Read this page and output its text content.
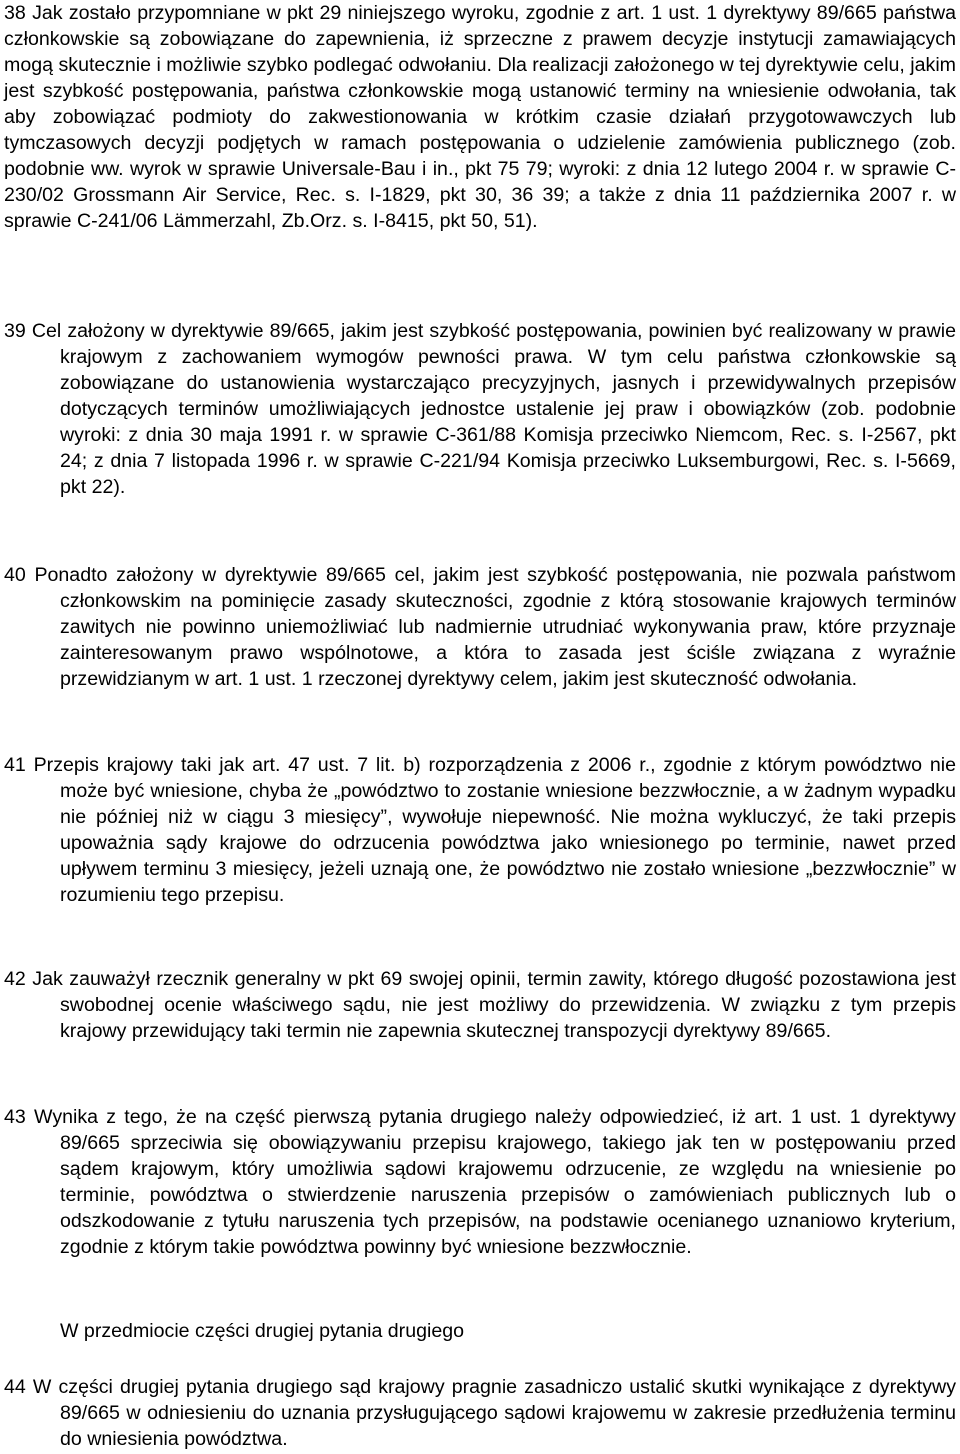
38 Jak zostało przypomniane w pkt 29 niniejszego wyroku, zgodnie z art. 1 ust. 1 dyrektywy 89/665 państwa członkowskie są zobowiązane do zapewnienia, iż sprzeczne z prawem decyzje instytucji zamawiających mogą skutecznie i możliwie szybko podlegać odwołaniu. Dla realizacji założonego w tej dyrektywie celu, jakim jest szybkość postępowania, państwa członkowskie mogą ustanowić terminy na wniesienie odwołania, tak aby zobowiązać podmioty do zakwestionowania w krótkim czasie działań przygotowawczych lub tymczasowych decyzji podjętych w ramach postępowania o udzielenie zamówienia publicznego (zob. podobnie ww. wyrok w sprawie Universale-Bau i in., pkt 75 79; wyroki: z dnia 12 lutego 2004 r. w sprawie C-230/02 Grossmann Air Service, Rec. s. I-1829, pkt 30, 36 39; a także z dnia 11 października 2007 r. w sprawie C-241/06 Lämmerzahl, Zb.Orz. s. I-8415, pkt 50, 51).

39 Cel założony w dyrektywie 89/665, jakim jest szybkość postępowania, powinien być realizowany w prawie krajowym z zachowaniem wymogów pewności prawa. W tym celu państwa członkowskie są zobowiązane do ustanowienia wystarczająco precyzyjnych, jasnych i przewidywalnych przepisów dotyczących terminów umożliwiających jednostce ustalenie jej praw i obowiązków (zob. podobnie wyroki: z dnia 30 maja 1991 r. w sprawie C-361/88 Komisja przeciwko Niemcom, Rec. s. I-2567, pkt 24; z dnia 7 listopada 1996 r. w sprawie C-221/94 Komisja przeciwko Luksemburgowi, Rec. s. I-5669, pkt 22).

40 Ponadto założony w dyrektywie 89/665 cel, jakim jest szybkość postępowania, nie pozwala państwom członkowskim na pominięcie zasady skuteczności, zgodnie z którą stosowanie krajowych terminów zawitych nie powinno uniemożliwiać lub nadmiernie utrudniać wykonywania praw, które przyznaje zainteresowanym prawo wspólnotowe, a która to zasada jest ściśle związana z wyraźnie przewidzianym w art. 1 ust. 1 rzeczonej dyrektywy celem, jakim jest skuteczność odwołania.

41 Przepis krajowy taki jak art. 47 ust. 7 lit. b) rozporządzenia z 2006 r., zgodnie z którym powództwo nie może być wniesione, chyba że „powództwo to zostanie wniesione bezzwłocznie, a w żadnym wypadku nie później niż w ciągu 3 miesięcy”, wywołuje niepewność. Nie można wykluczyć, że taki przepis upoważnia sądy krajowe do odrzucenia powództwa jako wniesionego po terminie, nawet przed upływem terminu 3 miesięcy, jeżeli uznają one, że powództwo nie zostało wniesione „bezzwłocznie” w rozumieniu tego przepisu.

42 Jak zauważył rzecznik generalny w pkt 69 swojej opinii, termin zawity, którego długość pozostawiona jest swobodnej ocenie właściwego sądu, nie jest możliwy do przewidzenia. W związku z tym przepis krajowy przewidujący taki termin nie zapewnia skutecznej transpozycji dyrektywy 89/665.

43 Wynika z tego, że na część pierwszą pytania drugiego należy odpowiedzieć, iż art. 1 ust. 1 dyrektywy 89/665 sprzeciwia się obowiązywaniu przepisu krajowego, takiego jak ten w postępowaniu przed sądem krajowym, który umożliwia sądowi krajowemu odrzucenie, ze względu na wniesienie po terminie, powództwa o stwierdzenie naruszenia przepisów o zamówieniach publicznych lub o odszkodowanie z tytułu naruszenia tych przepisów, na podstawie ocenianego uznaniowo kryterium, zgodnie z którym takie powództwa powinny być wniesione bezzwłocznie.

W przedmiocie części drugiej pytania drugiego

44 W części drugiej pytania drugiego sąd krajowy pragnie zasadniczo ustalić skutki wynikające z dyrektywy 89/665 w odniesieniu do uznania przysługującego sądowi krajowemu w zakresie przedłużenia terminu do wniesienia powództwa.
